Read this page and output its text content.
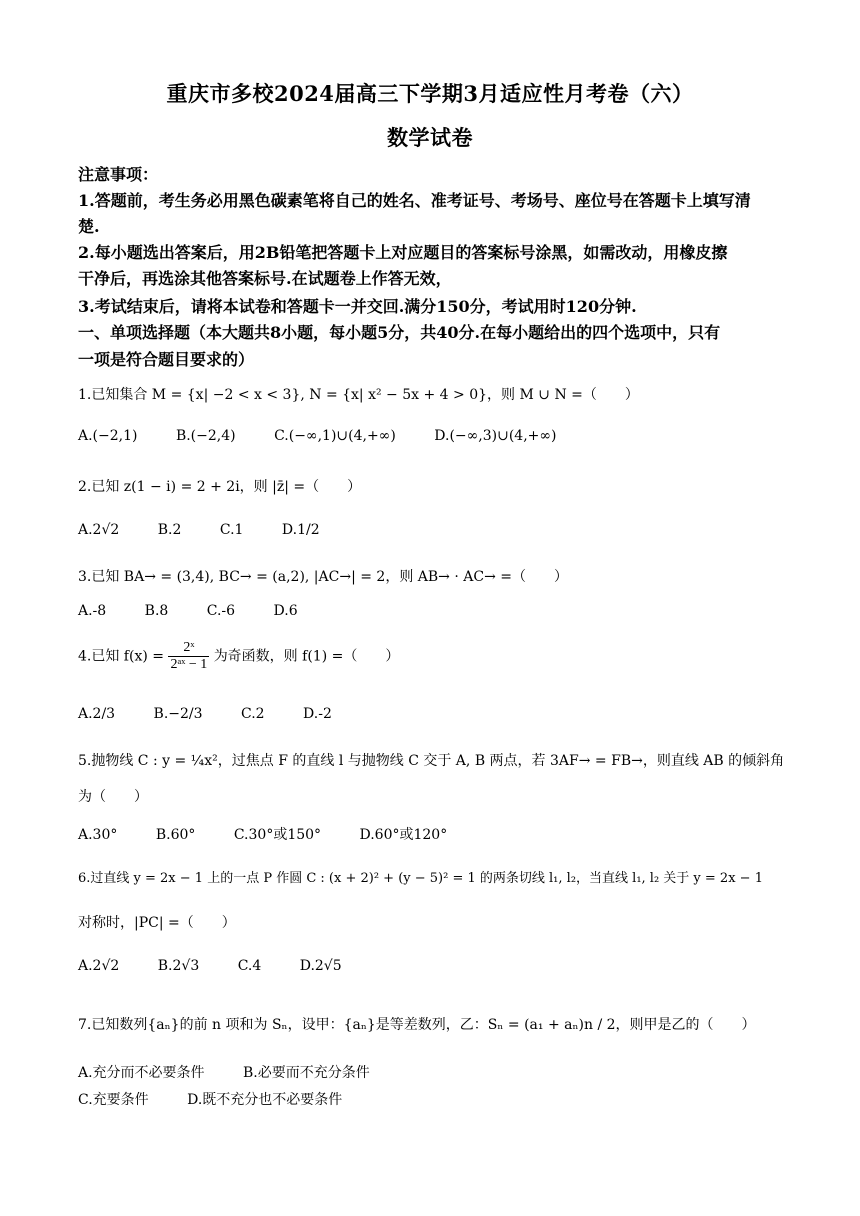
重庆市多校2024届高三下学期3月适应性月考卷（六）
数学试卷
注意事项：
1.答题前，考生务必用黑色碳素笔将自己的姓名、准考证号、考场号、座位号在答题卡上填写清
楚.
2.每小题选出答案后，用2B铅笔把答题卡上对应题目的答案标号涂黑，如需改动，用橡皮擦
干净后，再选涂其他答案标号.在试题卷上作答无效，
3.考试结束后，请将本试卷和答题卡一并交回.满分150分，考试用时120分钟.
一、单项选择题（本大题共8小题，每小题5分，共40分.在每小题给出的四个选项中，只有
一项是符合题目要求的）
1.已知集合 M = {x| −2 < x < 3}, N = {x| x² − 5x + 4 > 0}，则 M ∪ N =（　　）
A.(−2,1)	B.(−2,4)	C.(−∞,1)∪(4,+∞)	D.(−∞,3)∪(4,+∞)
2.已知 z(1 − i) = 2 + 2i，则 |z̄| =（　　）
A.2√2	B.2	C.1	D.1/2
3.已知 BA→ = (3,4), BC→ = (a,2), |AC→| = 2，则 AB→ · AC→ =（　　）
A.-8	B.8	C.-6	D.6
4.已知 $f(x) = \frac{\text{2ˣ}}{\text{2ᵃˣ − 1}}$ 为奇函数，则 f(1) =（　　）
A.2/3	B.−2/3	C.2	D.-2
5.抛物线 C : y = ¼x²，过焦点 F 的直线 l 与抛物线 C 交于 A, B 两点，若 3AF→ = FB→，则直线 AB 的倾斜角
为（　　）
A.30°	B.60°	C.30°或150°	D.60°或120°
6.过直线 y = 2x − 1 上的一点 P 作圆 C : (x + 2)² + (y − 5)² = 1 的两条切线 l₁, l₂，当直线 l₁, l₂ 关于 y = 2x − 1
对称时，|PC| =（　　）
A.2√2	B.2√3	C.4	D.2√5
7.已知数列{aₙ}的前 n 项和为 Sₙ，设甲：{aₙ}是等差数列，乙：Sₙ = (a₁ + aₙ)n / 2，则甲是乙的（　　）
A.充分而不必要条件	B.必要而不充分条件
C.充要条件	D.既不充分也不必要条件
